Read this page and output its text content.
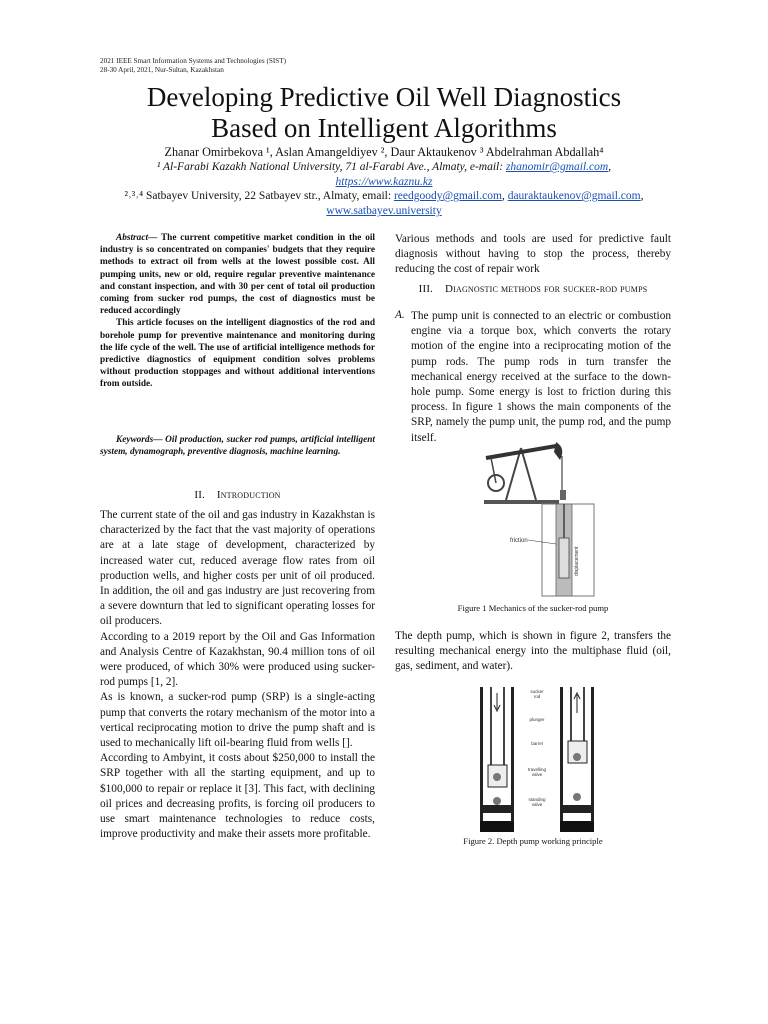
2021 IEEE Smart Information Systems and Technologies (SIST)
28-30 April, 2021, Nur-Sultan, Kazakhstan
Developing Predictive Oil Well Diagnostics
Based on Intelligent Algorithms
Zhanar Omirbekova ¹, Aslan Amangeldiyev ², Daur Aktaukenov ³ Abdelrahman Abdallah⁴
¹ Al-Farabi Kazakh National University, 71 al-Farabi Ave., Almaty, e-mail: zhanomir@gmail.com,
https://www.kaznu.kz
²˒³˒⁴ Satbayev University, 22 Satbayev str., Almaty, email: reedgoody@gmail.com, dauraktaukenov@gmail.com,
www.satbayev.university

Abstract— The current competitive market condition in the oil industry is so concentrated on companies' budgets that they require methods to extract oil from wells at the lowest possible cost. All pumping units, new or old, require regular preventive maintenance and constant inspection, and with 30 per cent of total oil production coming from sucker rod pumps, the cost of diagnostics must be reduced accordingly

This article focuses on the intelligent diagnostics of the rod and borehole pump for preventive maintenance and monitoring during the life cycle of the well. The use of artificial intelligence methods for predictive diagnostics of equipment condition solves problems without production stoppages and without additional interventions from outside.

Keywords— Oil production, sucker rod pumps, artificial intelligent system, dynamograph, preventive diagnosis, machine learning.
II. Introduction

The current state of the oil and gas industry in Kazakhstan is characterized by the fact that the vast majority of operations are at a late stage of development, characterized by increased water cut, reduced average flow rates from oil production wells, and higher costs per unit of oil produced. In addition, the oil and gas industry are just recovering from a severe downturn that led to significant operating losses for oil producers.

According to a 2019 report by the Oil and Gas Information and Analysis Centre of Kazakhstan, 90.4 million tons of oil were produced, of which 30% were produced using sucker-rod pumps [1, 2].

As is known, a sucker-rod pump (SRP) is a single-acting pump that converts the rotary mechanism of the motor into a vertical reciprocating motion to drive the pump shaft and is used to mechanically lift oil-bearing fluid from wells [].

According to Ambyint, it costs about $250,000 to install the SRP together with all the starting equipment, and up to $100,000 to repair or replace it [3]. This fact, with declining oil prices and decreasing profits, is forcing oil producers to use smart maintenance technologies to reduce costs, improve productivity and make their assets more profitable.

Various methods and tools are used for predictive fault diagnosis without having to stop the process, thereby reducing the cost of repair work
III. Diagnostic methods for sucker-rod pumps
A. The pump unit is connected to an electric or combustion engine via a torque box, which converts the rotary motion of the engine into a reciprocating motion of the pump rods. The pump rods in turn transfer the mechanical energy received at the surface to the down-hole pump. Some energy is lost to friction during this process. In figure 1 shows the main components of the SRP, namely the pump unit, the pump rod, and the pump itself.
friction
displacement
Figure 1 Mechanics of the sucker-rod pump
The depth pump, which is shown in figure 2, transfers the resulting mechanical energy into the multiphase fluid (oil, gas, sediment, and water).
sucker
rod
plunger
barrel
travelling
valve
standing
valve
Figure 2. Depth pump working principle
